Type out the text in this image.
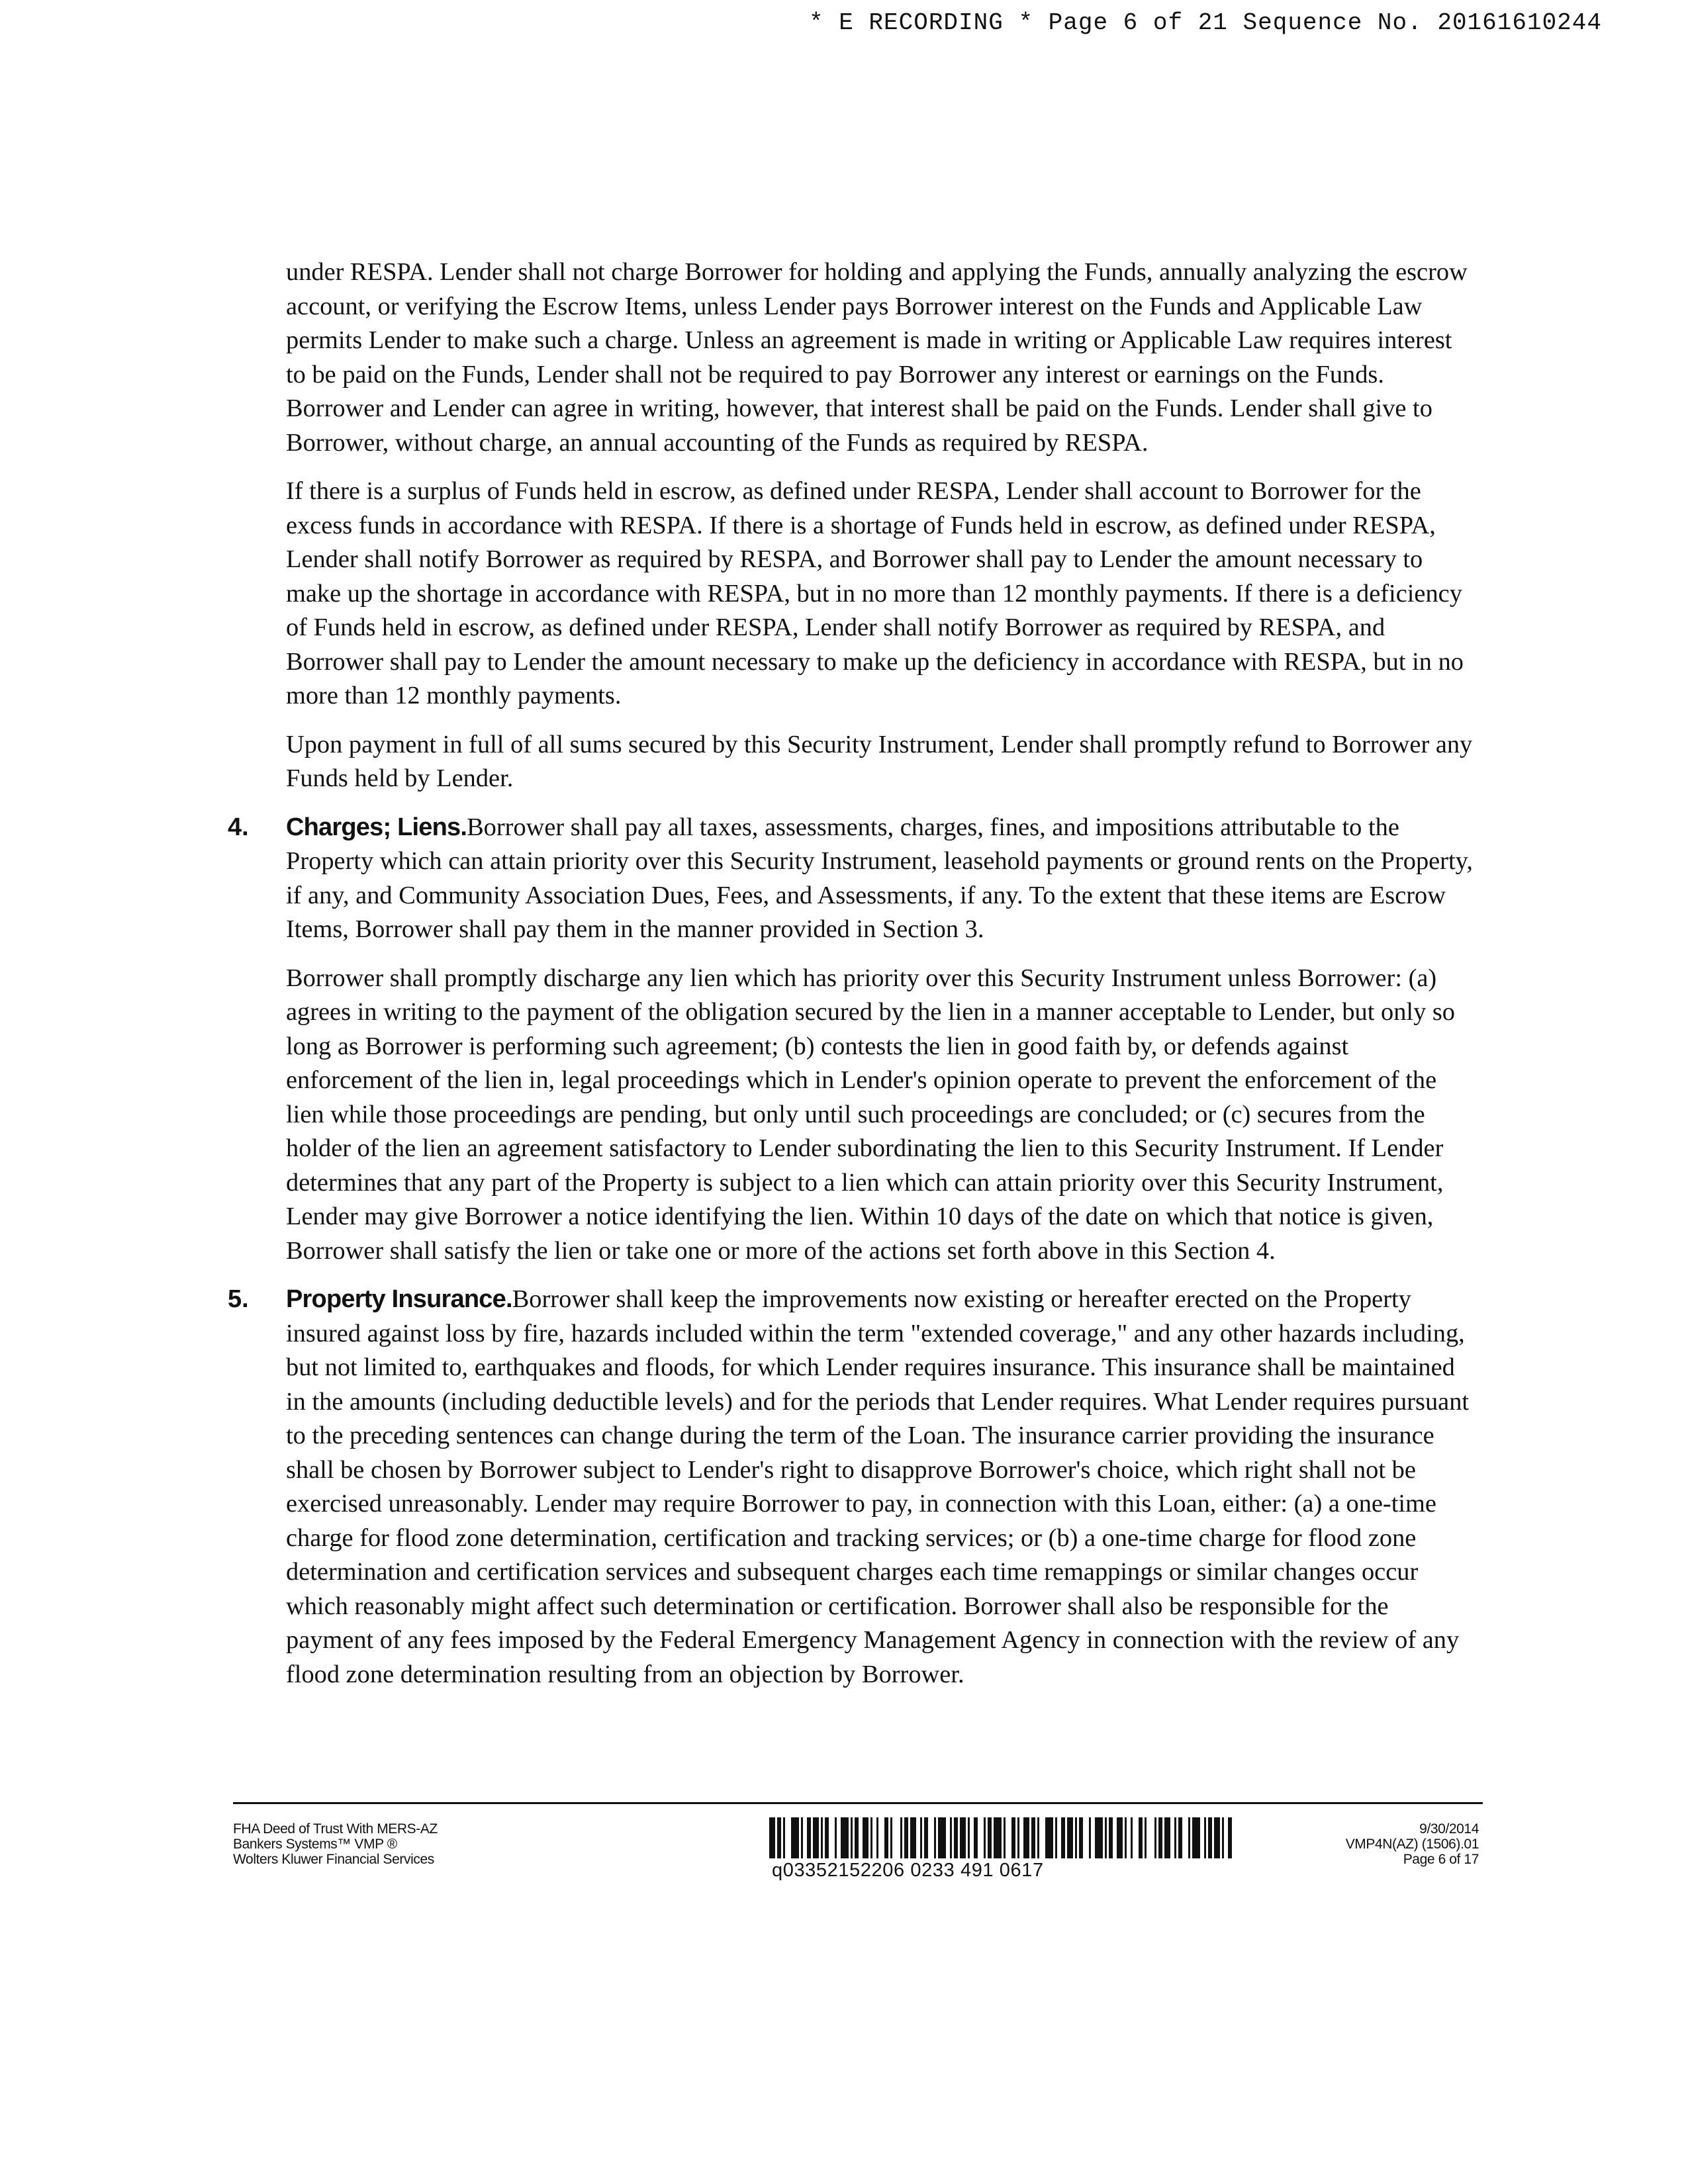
* E RECORDING * Page 6 of 21 Sequence No. 20161610244

under RESPA. Lender shall not charge Borrower for holding and applying the Funds, annually analyzing the escrow account, or verifying the Escrow Items, unless Lender pays Borrower interest on the Funds and Applicable Law permits Lender to make such a charge. Unless an agreement is made in writing or Applicable Law requires interest to be paid on the Funds, Lender shall not be required to pay Borrower any interest or earnings on the Funds. Borrower and Lender can agree in writing, however, that interest shall be paid on the Funds. Lender shall give to Borrower, without charge, an annual accounting of the Funds as required by RESPA.

If there is a surplus of Funds held in escrow, as defined under RESPA, Lender shall account to Borrower for the excess funds in accordance with RESPA. If there is a shortage of Funds held in escrow, as defined under RESPA, Lender shall notify Borrower as required by RESPA, and Borrower shall pay to Lender the amount necessary to make up the shortage in accordance with RESPA, but in no more than 12 monthly payments. If there is a deficiency of Funds held in escrow, as defined under RESPA, Lender shall notify Borrower as required by RESPA, and Borrower shall pay to Lender the amount necessary to make up the deficiency in accordance with RESPA, but in no more than 12 monthly payments.

Upon payment in full of all sums secured by this Security Instrument, Lender shall promptly refund to Borrower any Funds held by Lender.

4. Charges; Liens.Borrower shall pay all taxes, assessments, charges, fines, and impositions attributable to the Property which can attain priority over this Security Instrument, leasehold payments or ground rents on the Property, if any, and Community Association Dues, Fees, and Assessments, if any. To the extent that these items are Escrow Items, Borrower shall pay them in the manner provided in Section 3.

Borrower shall promptly discharge any lien which has priority over this Security Instrument unless Borrower: (a) agrees in writing to the payment of the obligation secured by the lien in a manner acceptable to Lender, but only so long as Borrower is performing such agreement; (b) contests the lien in good faith by, or defends against enforcement of the lien in, legal proceedings which in Lender's opinion operate to prevent the enforcement of the lien while those proceedings are pending, but only until such proceedings are concluded; or (c) secures from the holder of the lien an agreement satisfactory to Lender subordinating the lien to this Security Instrument. If Lender determines that any part of the Property is subject to a lien which can attain priority over this Security Instrument, Lender may give Borrower a notice identifying the lien. Within 10 days of the date on which that notice is given, Borrower shall satisfy the lien or take one or more of the actions set forth above in this Section 4.

5. Property Insurance.Borrower shall keep the improvements now existing or hereafter erected on the Property insured against loss by fire, hazards included within the term "extended coverage," and any other hazards including, but not limited to, earthquakes and floods, for which Lender requires insurance. This insurance shall be maintained in the amounts (including deductible levels) and for the periods that Lender requires. What Lender requires pursuant to the preceding sentences can change during the term of the Loan. The insurance carrier providing the insurance shall be chosen by Borrower subject to Lender's right to disapprove Borrower's choice, which right shall not be exercised unreasonably. Lender may require Borrower to pay, in connection with this Loan, either: (a) a one-time charge for flood zone determination, certification and tracking services; or (b) a one-time charge for flood zone determination and certification services and subsequent charges each time remappings or similar changes occur which reasonably might affect such determination or certification. Borrower shall also be responsible for the payment of any fees imposed by the Federal Emergency Management Agency in connection with the review of any flood zone determination resulting from an objection by Borrower.
FHA Deed of Trust With MERS-AZ
Bankers Systems™ VMP ®
Wolters Kluwer Financial Services
q03352152206 0233 491 0617
9/30/2014
VMP4N(AZ) (1506).01
Page 6 of 17
